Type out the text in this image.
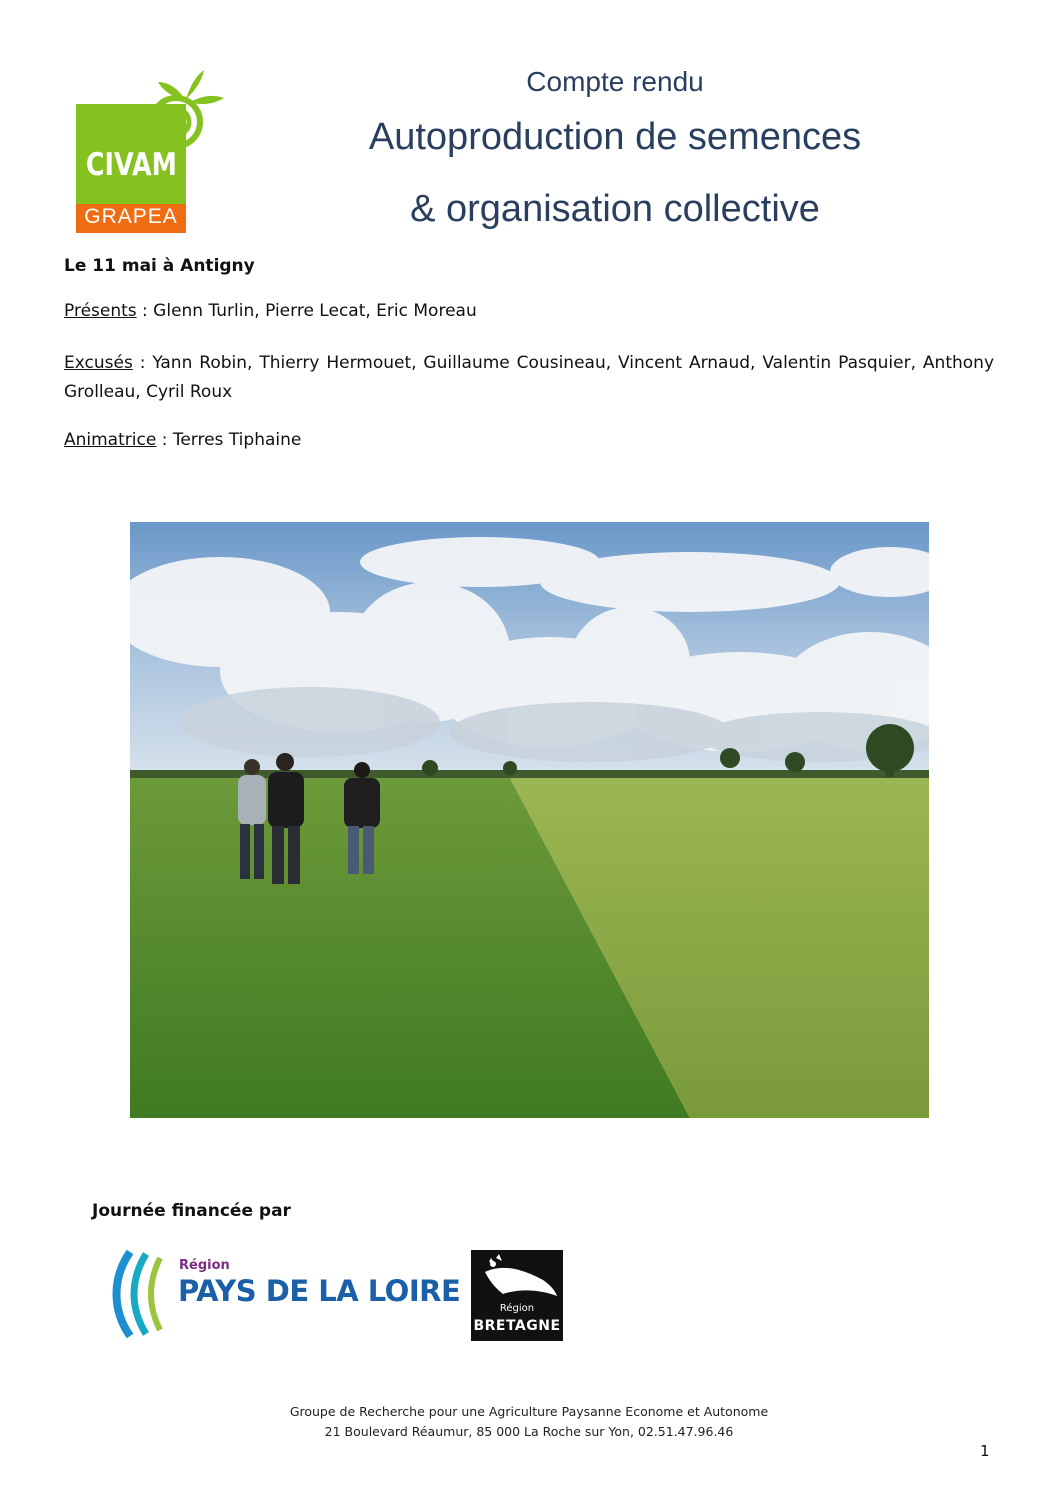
CIVAM
GRAPEA
Compte rendu
Autoproduction de semences
& organisation collective
Le 11 mai à Antigny
Présents : Glenn Turlin, Pierre Lecat, Eric Moreau
Excusés : Yann Robin, Thierry Hermouet, Guillaume Cousineau, Vincent Arnaud, Valentin Pasquier, Anthony Grolleau, Cyril Roux
Animatrice : Terres Tiphaine
Journée financée par
Région
PAYS DE LA LOIRE
Région
BRETAGNE
Groupe de Recherche pour une Agriculture Paysanne Econome et Autonome
21 Boulevard Réaumur, 85 000 La Roche sur Yon, 02.51.47.96.46
1
